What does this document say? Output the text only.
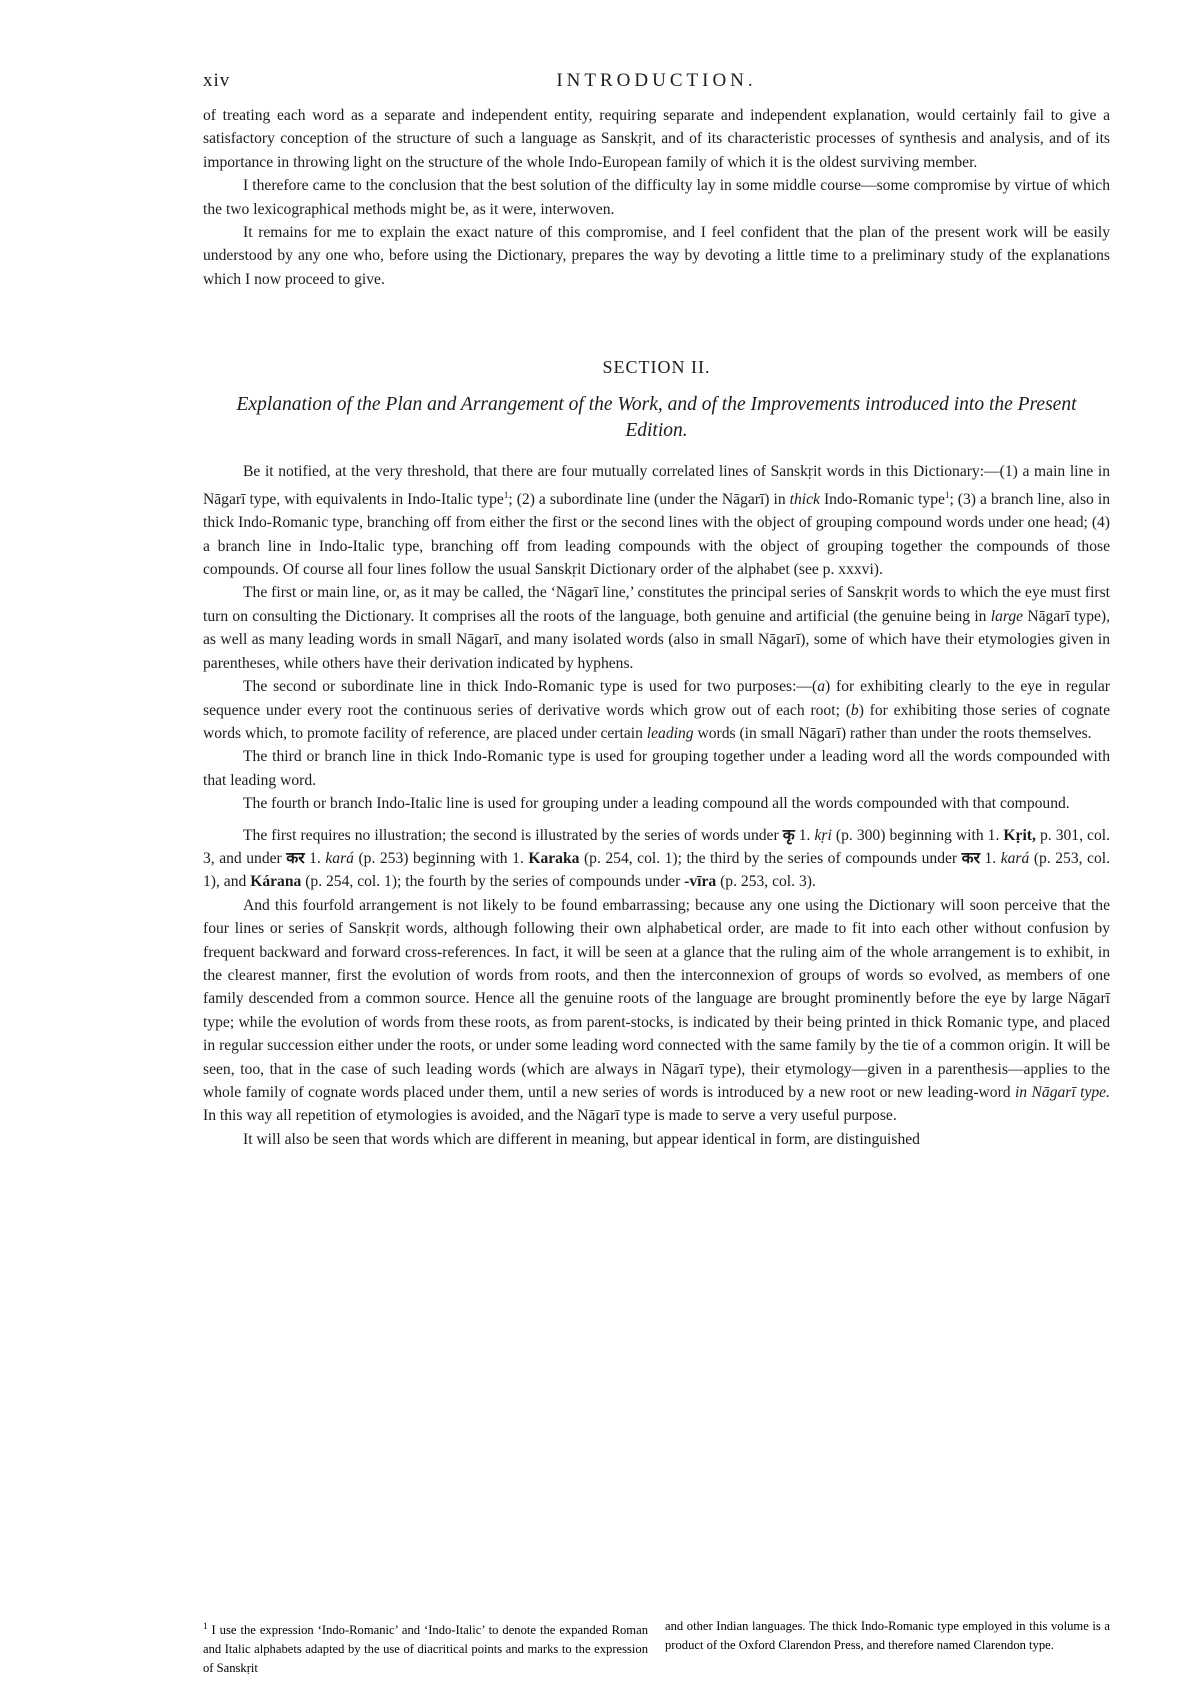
xiv	INTRODUCTION.

of treating each word as a separate and independent entity, requiring separate and independent explanation, would certainly fail to give a satisfactory conception of the structure of such a language as Sanskṛit, and of its characteristic processes of synthesis and analysis, and of its importance in throwing light on the structure of the whole Indo-European family of which it is the oldest surviving member.

I therefore came to the conclusion that the best solution of the difficulty lay in some middle course—some compromise by virtue of which the two lexicographical methods might be, as it were, interwoven.

It remains for me to explain the exact nature of this compromise, and I feel confident that the plan of the present work will be easily understood by any one who, before using the Dictionary, prepares the way by devoting a little time to a preliminary study of the explanations which I now proceed to give.

SECTION II.
Explanation of the Plan and Arrangement of the Work, and of the Improvements introduced into the Present Edition.

Be it notified, at the very threshold, that there are four mutually correlated lines of Sanskṛit words in this Dictionary:—(1) a main line in Nāgarī type, with equivalents in Indo-Italic type$^1$; (2) a subordinate line (under the Nāgarī) in thick Indo-Romanic type$^1$; (3) a branch line, also in thick Indo-Romanic type, branching off from either the first or the second lines with the object of grouping compound words under one head; (4) a branch line in Indo-Italic type, branching off from leading compounds with the object of grouping together the compounds of those compounds. Of course all four lines follow the usual Sanskṛit Dictionary order of the alphabet (see p. xxxvi).

The first or main line, or, as it may be called, the ‘Nāgarī line,’ constitutes the principal series of Sanskṛit words to which the eye must first turn on consulting the Dictionary. It comprises all the roots of the language, both genuine and artificial (the genuine being in large Nāgarī type), as well as many leading words in small Nāgarī, and many isolated words (also in small Nāgarī), some of which have their etymologies given in parentheses, while others have their derivation indicated by hyphens.

The second or subordinate line in thick Indo-Romanic type is used for two purposes:—(a) for exhibiting clearly to the eye in regular sequence under every root the continuous series of derivative words which grow out of each root; (b) for exhibiting those series of cognate words which, to promote facility of reference, are placed under certain leading words (in small Nāgarī) rather than under the roots themselves.

The third or branch line in thick Indo-Romanic type is used for grouping together under a leading word all the words compounded with that leading word.

The fourth or branch Indo-Italic line is used for grouping under a leading compound all the words compounded with that compound.

The first requires no illustration; the second is illustrated by the series of words under कृ 1. kṛi (p. 300) beginning with 1. Kṛit, p. 301, col. 3, and under कर 1. kará (p. 253) beginning with 1. Karaka (p. 254, col. 1); the third by the series of compounds under कर 1. kará (p. 253, col. 1), and Kárana (p. 254, col. 1); the fourth by the series of compounds under -vīra (p. 253, col. 3).

And this fourfold arrangement is not likely to be found embarrassing; because any one using the Dictionary will soon perceive that the four lines or series of Sanskṛit words, although following their own alphabetical order, are made to fit into each other without confusion by frequent backward and forward cross-references. In fact, it will be seen at a glance that the ruling aim of the whole arrangement is to exhibit, in the clearest manner, first the evolution of words from roots, and then the interconnexion of groups of words so evolved, as members of one family descended from a common source. Hence all the genuine roots of the language are brought prominently before the eye by large Nāgarī type; while the evolution of words from these roots, as from parent-stocks, is indicated by their being printed in thick Romanic type, and placed in regular succession either under the roots, or under some leading word connected with the same family by the tie of a common origin. It will be seen, too, that in the case of such leading words (which are always in Nāgarī type), their etymology—given in a parenthesis—applies to the whole family of cognate words placed under them, until a new series of words is introduced by a new root or new leading-word in Nāgarī type. In this way all repetition of etymologies is avoided, and the Nāgarī type is made to serve a very useful purpose.

It will also be seen that words which are different in meaning, but appear identical in form, are distinguished

$^1$ I use the expression ‘Indo-Romanic’ and ‘Indo-Italic’ to denote the expanded Roman and Italic alphabets adapted by the use of diacritical points and marks to the expression of Sanskṛit
and other Indian languages. The thick Indo-Romanic type employed in this volume is a product of the Oxford Clarendon Press, and therefore named Clarendon type.
